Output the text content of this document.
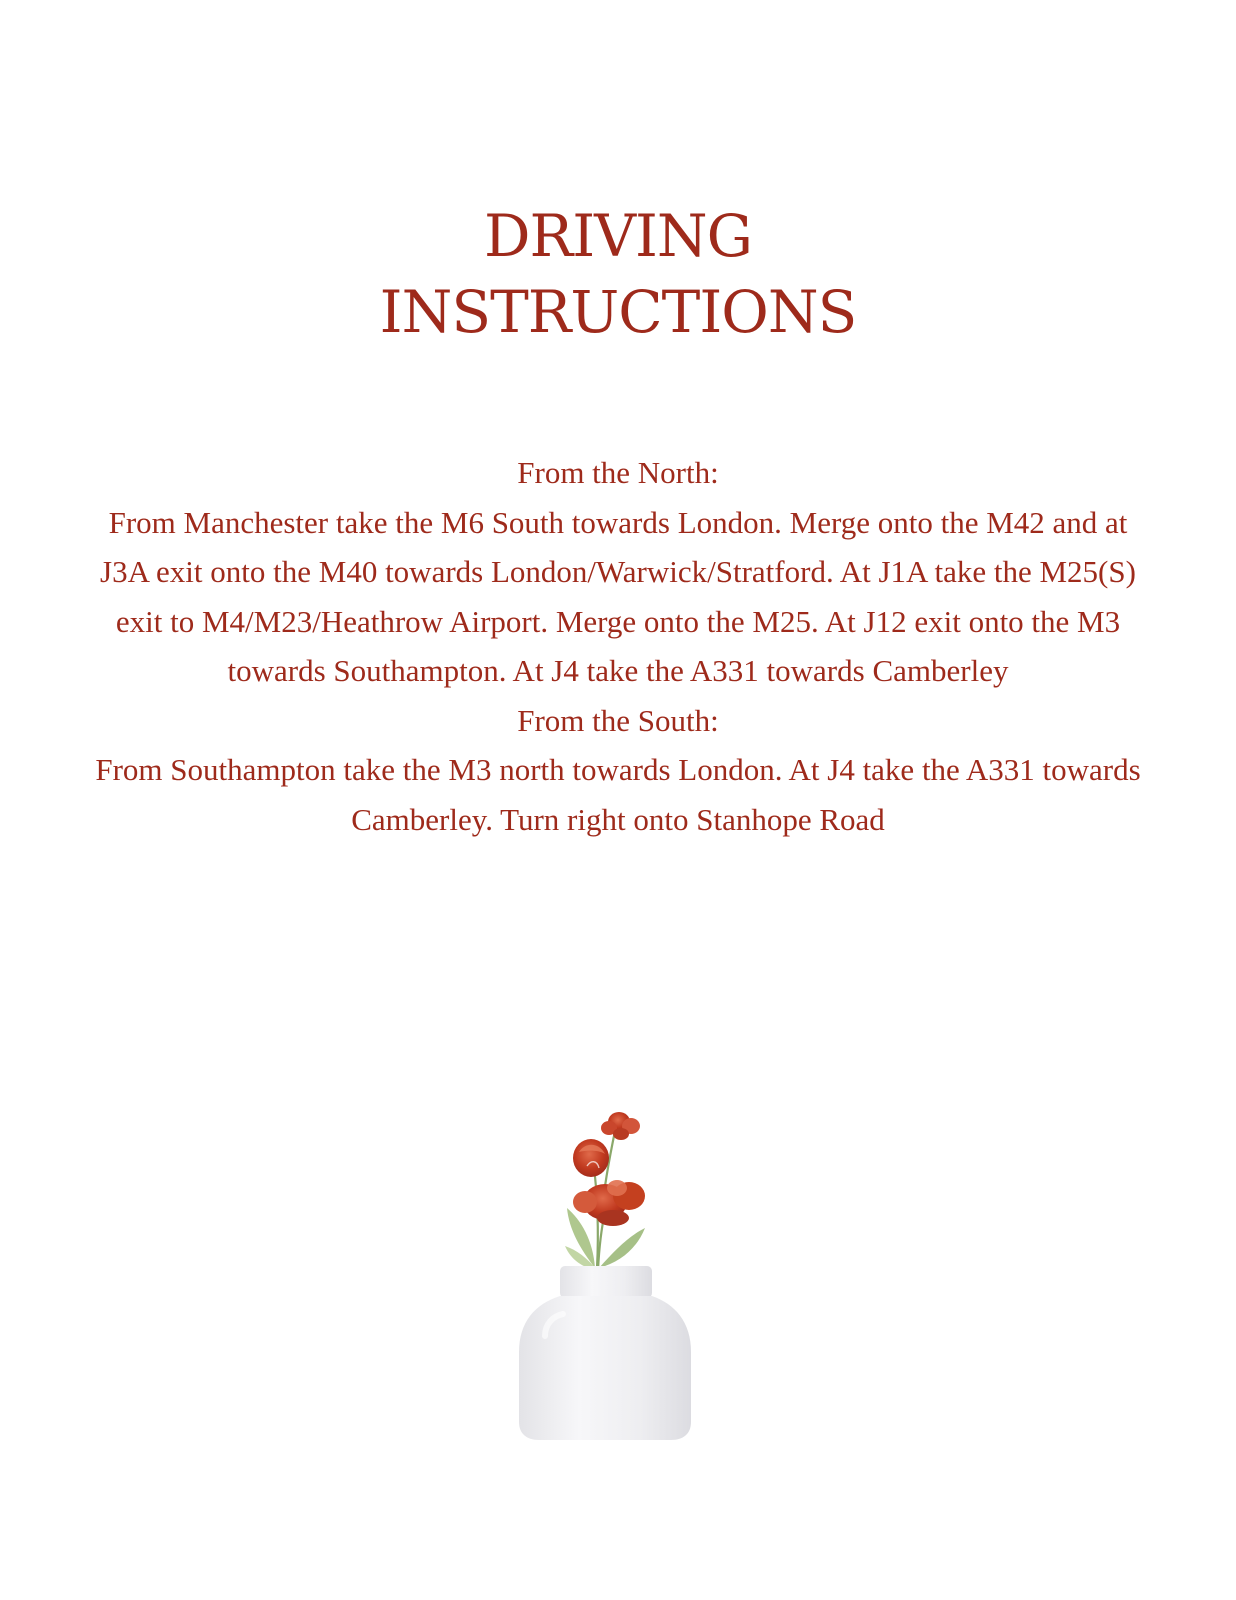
DRIVING
INSTRUCTIONS

From the North:

From Manchester take the M6 South towards London. Merge onto the M42 and at J3A exit onto the M40 towards London/Warwick/Stratford. At J1A take the M25(S) exit to M4/M23/Heathrow Airport. Merge onto the M25. At J12 exit onto the M3 towards Southampton. At J4 take the A331 towards Camberley

From the South:

From Southampton take the M3 north towards London. At J4 take the A331 towards Camberley. Turn right onto Stanhope Road
